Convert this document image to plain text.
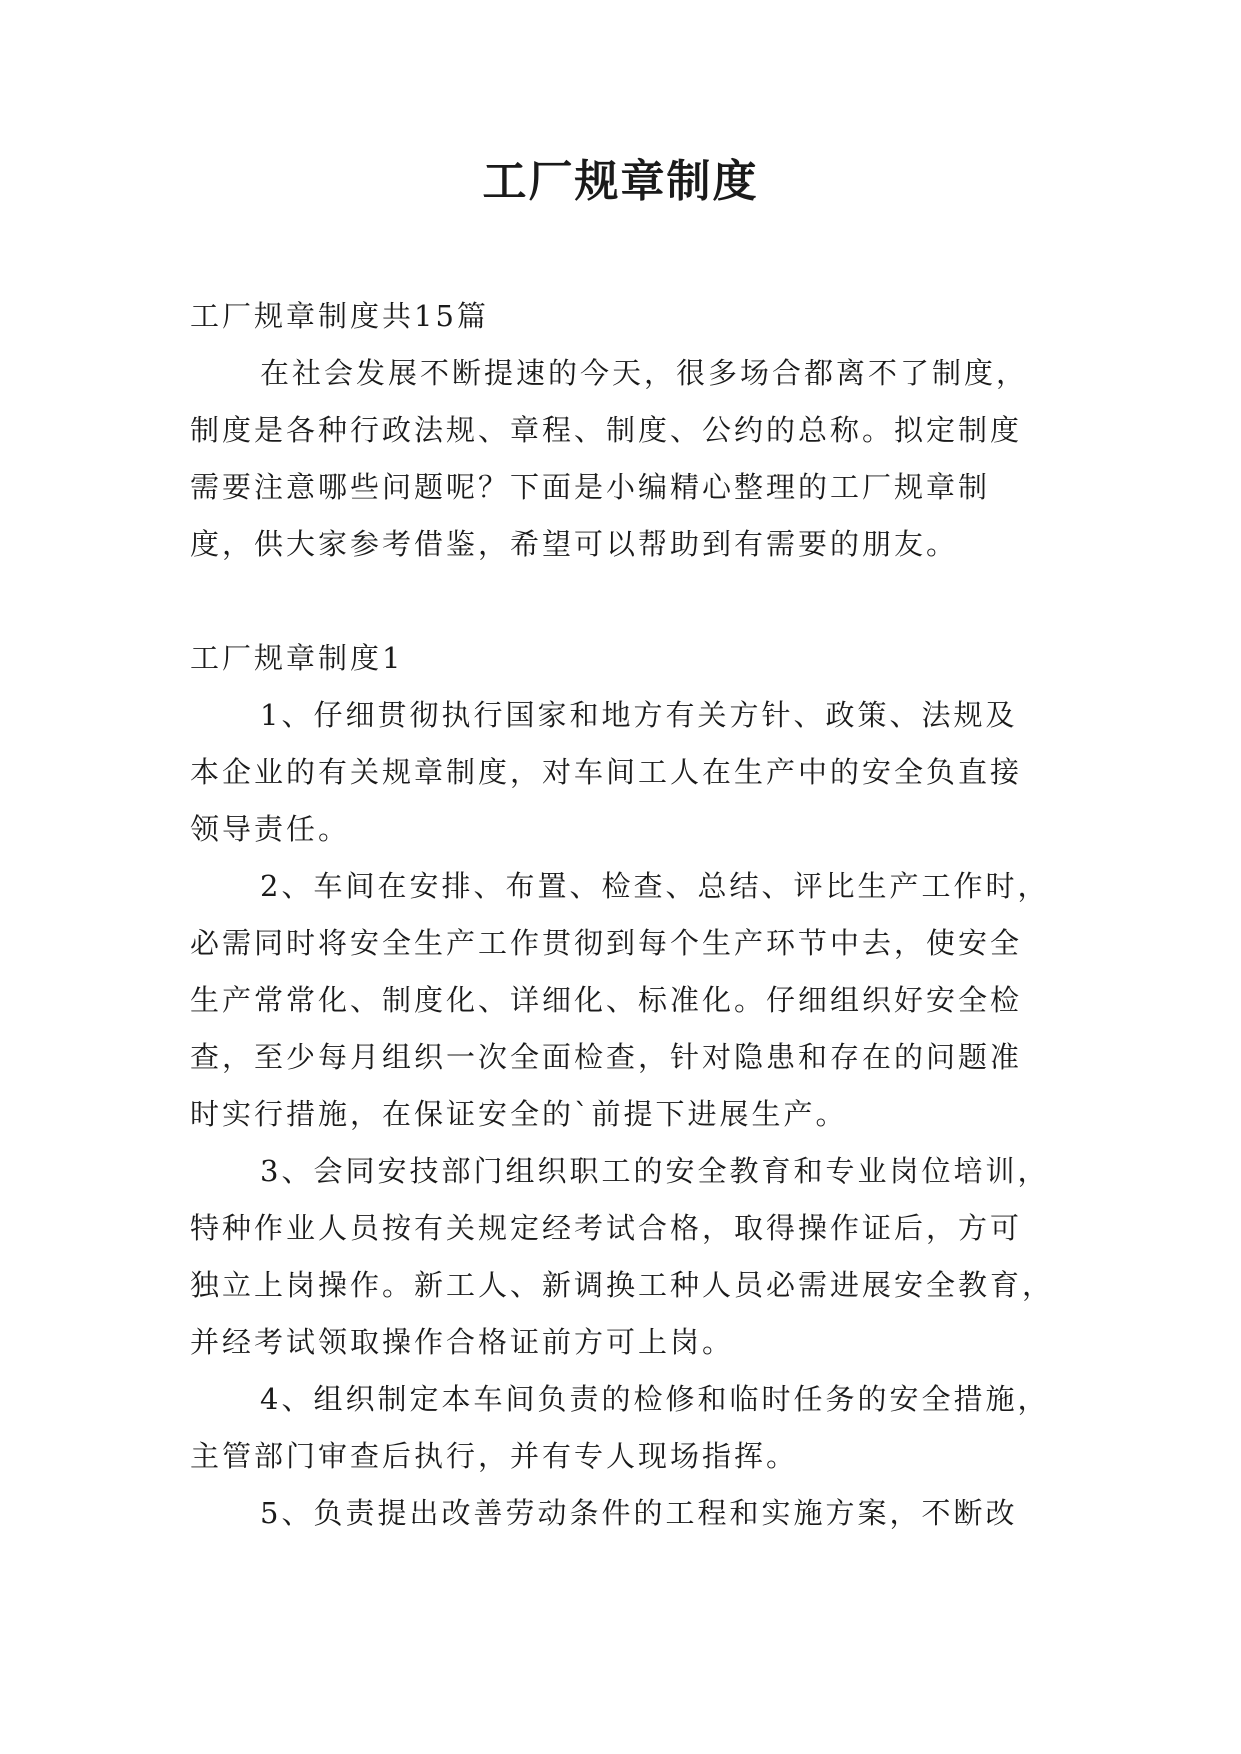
工厂规章制度

工厂规章制度共15篇

在社会发展不断提速的今天，很多场合都离不了制度，

制度是各种行政法规、章程、制度、公约的总称。拟定制度

需要注意哪些问题呢？下面是小编精心整理的工厂规章制

度，供大家参考借鉴，希望可以帮助到有需要的朋友。

工厂规章制度1

1、仔细贯彻执行国家和地方有关方针、政策、法规及

本企业的有关规章制度，对车间工人在生产中的安全负直接

领导责任。

2、车间在安排、布置、检查、总结、评比生产工作时，

必需同时将安全生产工作贯彻到每个生产环节中去，使安全

生产常常化、制度化、详细化、标准化。仔细组织好安全检

查，至少每月组织一次全面检查，针对隐患和存在的问题准

时实行措施，在保证安全的`前提下进展生产。

3、会同安技部门组织职工的安全教育和专业岗位培训，

特种作业人员按有关规定经考试合格，取得操作证后，方可

独立上岗操作。新工人、新调换工种人员必需进展安全教育，

并经考试领取操作合格证前方可上岗。

4、组织制定本车间负责的检修和临时任务的安全措施，

主管部门审查后执行，并有专人现场指挥。

5、负责提出改善劳动条件的工程和实施方案，不断改
